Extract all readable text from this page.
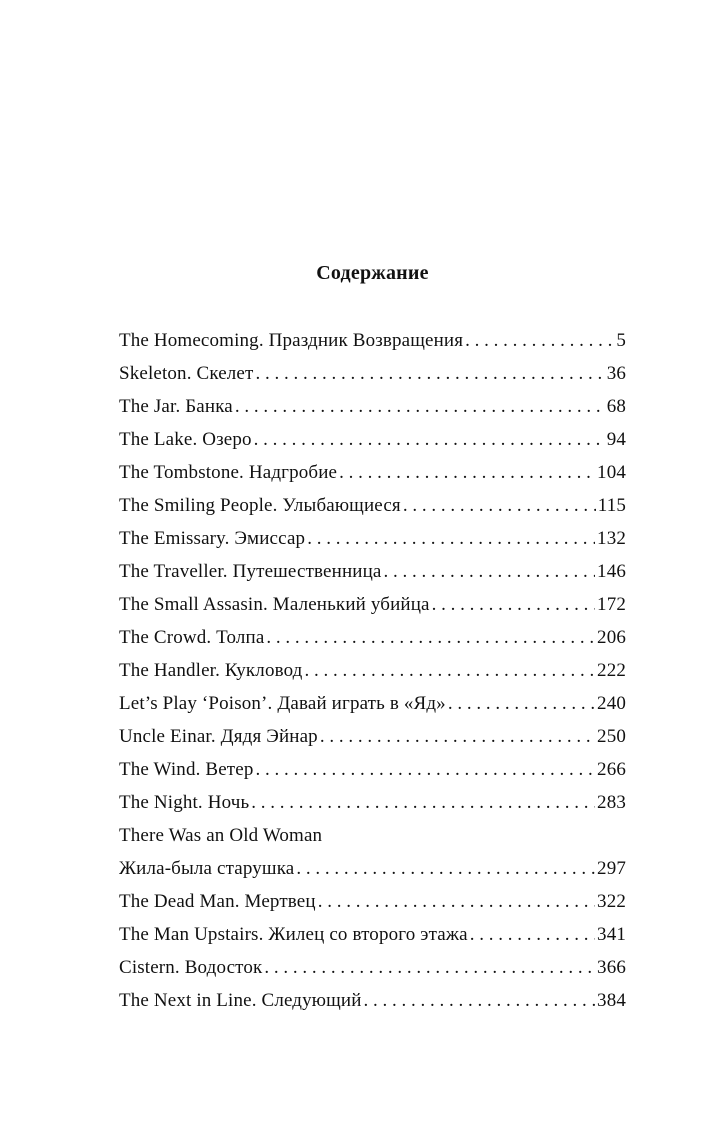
Содержание
The Homecoming. Праздник Возвращения . . .	5
Skeleton. Скелет . . .	36
The Jar. Банка . . .	68
The Lake. Озеро . . .	94
The Tombstone. Надгробие . . .	104
The Smiling People. Улыбающиеся . . .	115
The Emissary. Эмиссар . . .	132
The Traveller. Путешественница . . .	146
The Small Assasin. Маленький убийца . . .	172
The Crowd. Толпа . . .	206
The Handler. Кукловод . . .	222
Let’s Play ‘Poison’. Давай играть в «Яд» . . .	240
Uncle Einar. Дядя Эйнар . . .	250
The Wind. Ветер . . .	266
The Night. Ночь . . .	283
There Was an Old Woman
Жила-была старушка . . .	297
The Dead Man. Мертвец . . .	322
The Man Upstairs. Жилец со второго этажа . . .	341
Cistern. Водосток . . .	366
The Next in Line. Следующий . . .	384
